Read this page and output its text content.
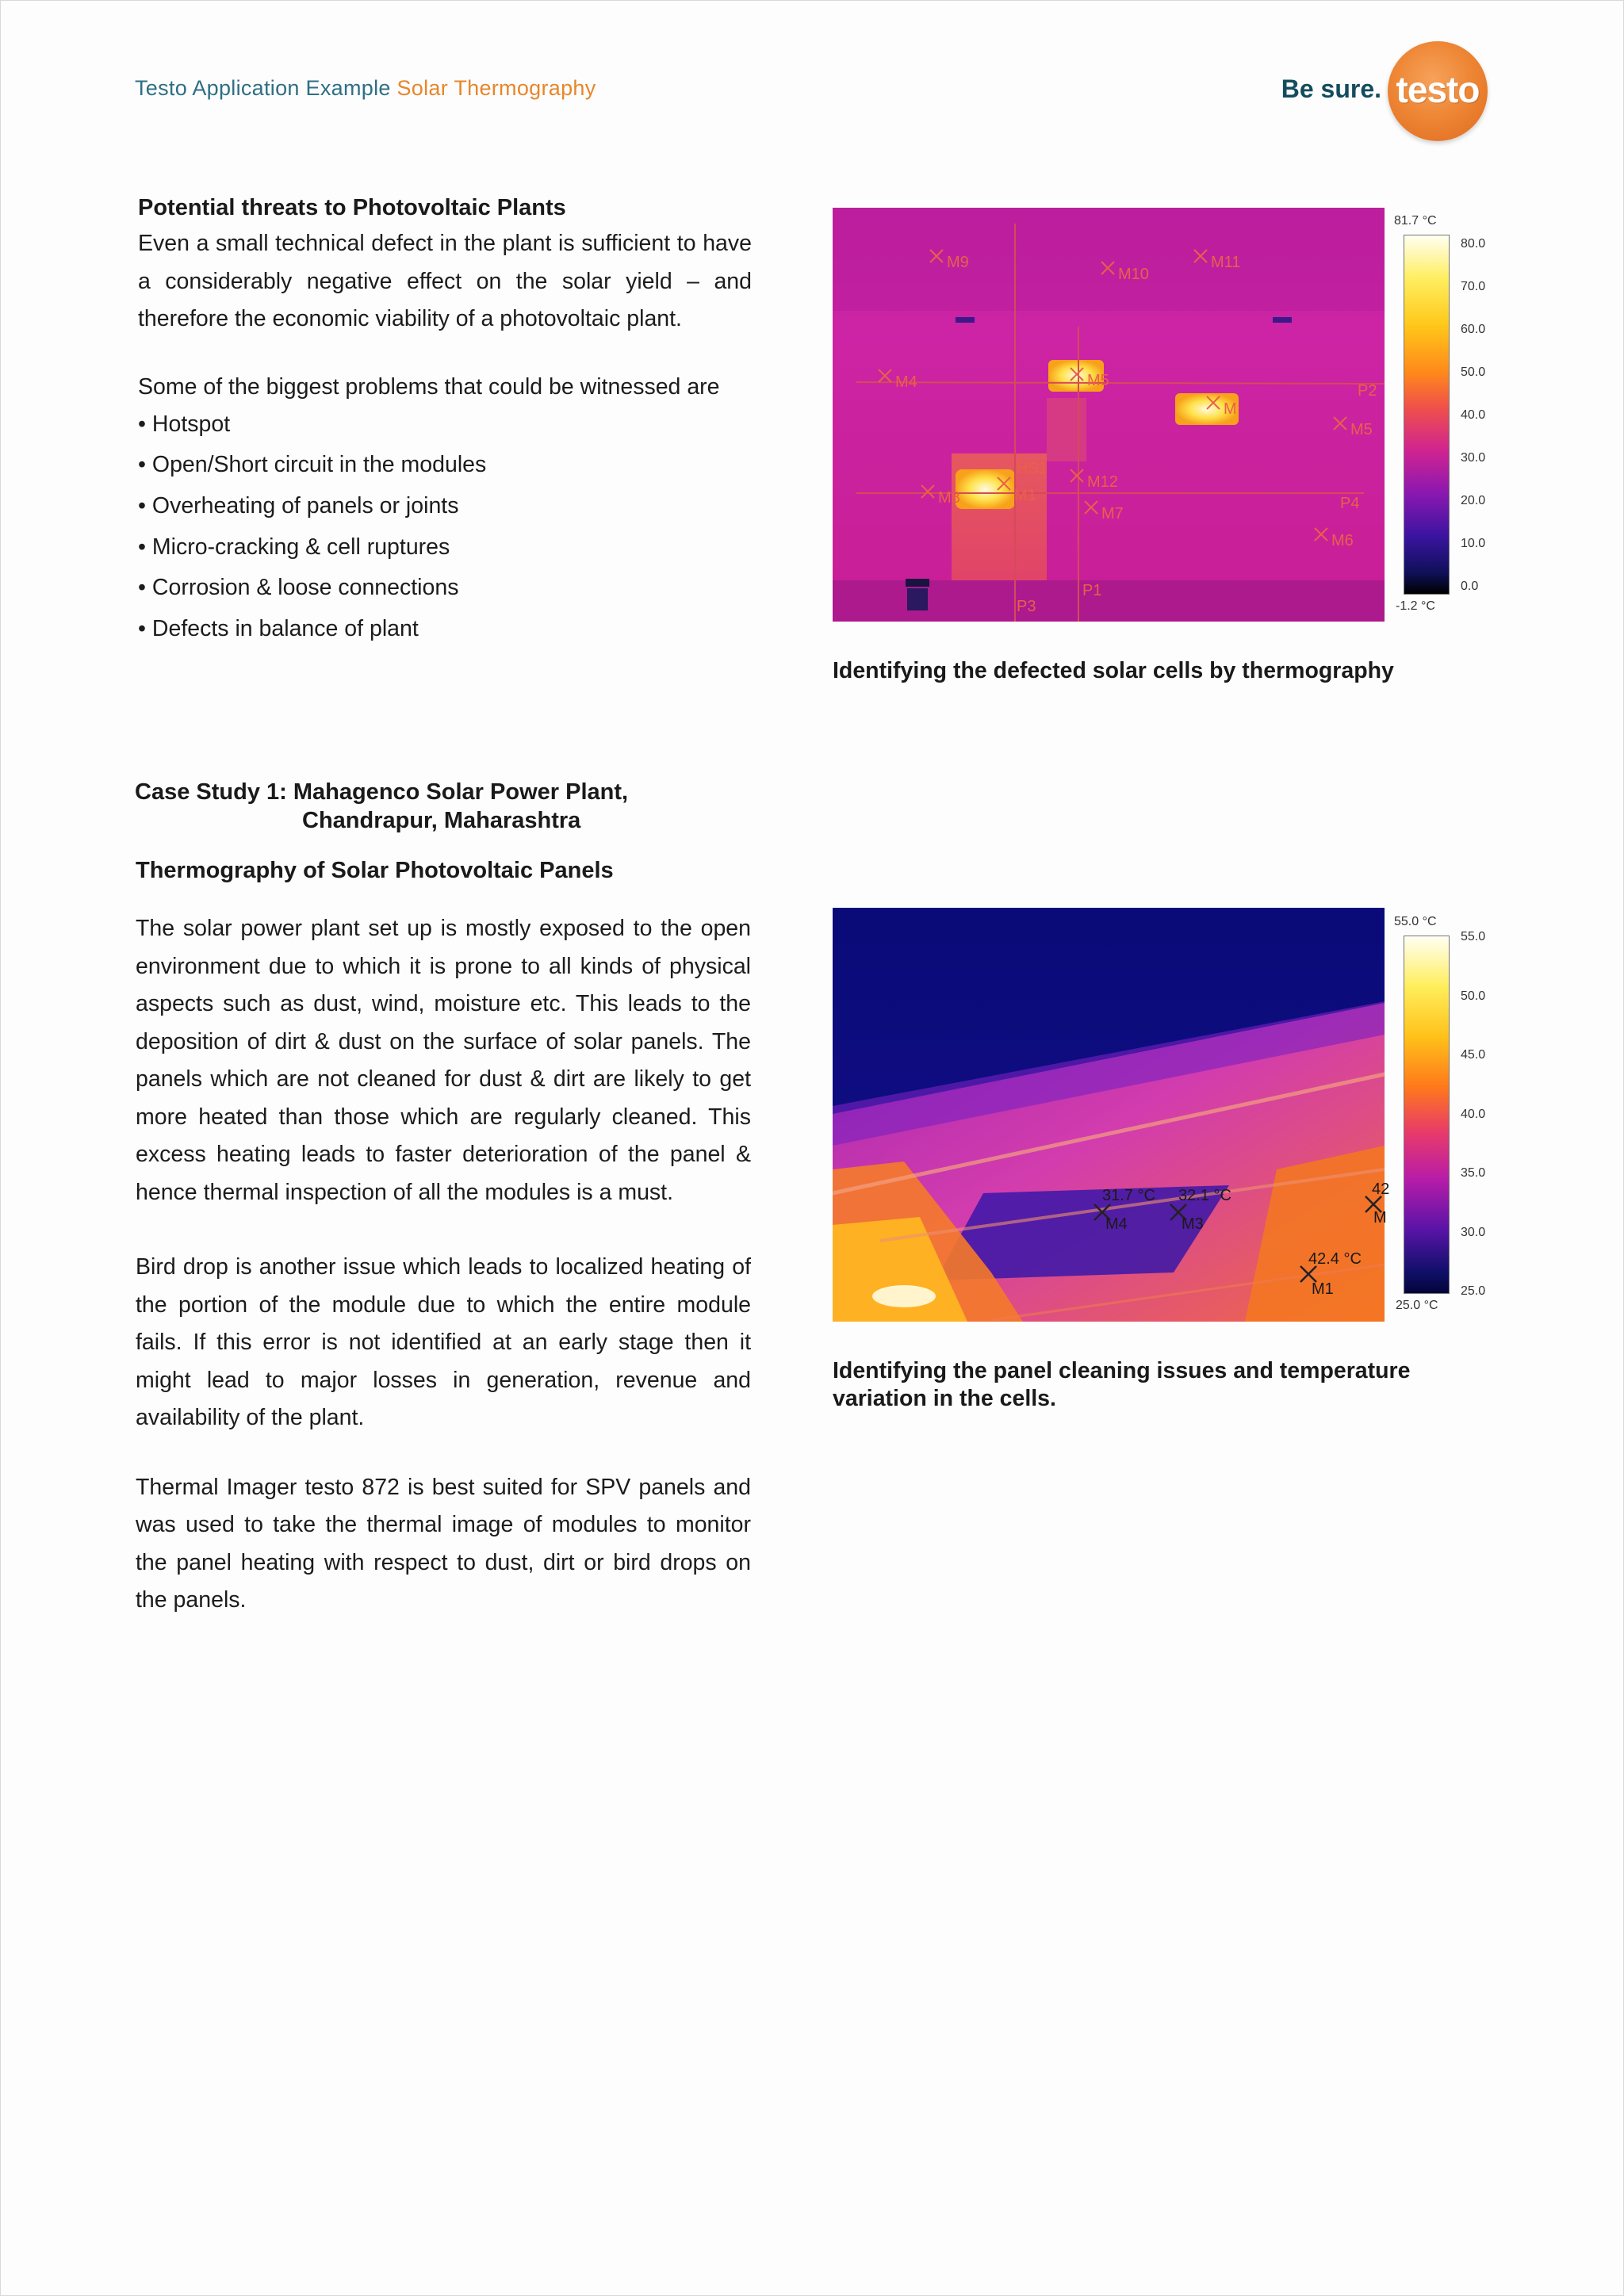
Testo Application Example Solar Thermography	Be sure. testo
Potential threats to Photovoltaic Plants

Even a small technical defect in the plant is sufficient to have a considerably negative effect on the solar yield – and therefore the economic viability of a photovoltaic plant.

Some of the biggest problems that could be witnessed are

• Hotspot
• Open/Short circuit in the modules
• Overheating of panels or joints
• Micro-cracking & cell ruptures
• Corrosion & loose connections
• Defects in balance of plant
M9
M10
M11
M4
M5
P2
M
M5
HS1
M12
M8	M1
M7
P4
M6
P1
P3
81.7 °C
-1.2 °C
80.0
70.0
60.0
50.0
40.0
30.0
20.0
10.0
0.0
Identifying the defected solar cells by thermography
Case Study 1: Mahagenco Solar Power Plant,
Chandrapur, Maharashtra
Thermography of Solar Photovoltaic Panels

The solar power plant set up is mostly exposed to the open environment due to which it is prone to all kinds of physical aspects such as dust, wind, moisture etc. This leads to the deposition of dirt & dust on the surface of solar panels. The panels which are not cleaned for dust & dirt are likely to get more heated than those which are regularly cleaned. This excess heating leads to faster deterioration of the panel & hence thermal inspection of all the modules is a must.

Bird drop is another issue which leads to localized heating of the portion of the module due to which the entire module fails. If this error is not identified at an early stage then it might lead to major losses in generation, revenue and availability of the plant.

Thermal Imager testo 872 is best suited for SPV panels and was used to take the thermal image of modules to monitor the panel heating with respect to dust, dirt or bird drops on the panels.

31.7 °C
M4
32.1 °C
M3
42.4 °C
M1
42
M
55.0 °C
25.0 °C
55.0
50.0
45.0
40.0
35.0
30.0
25.0
Identifying the panel cleaning issues and temperature variation in the cells.
